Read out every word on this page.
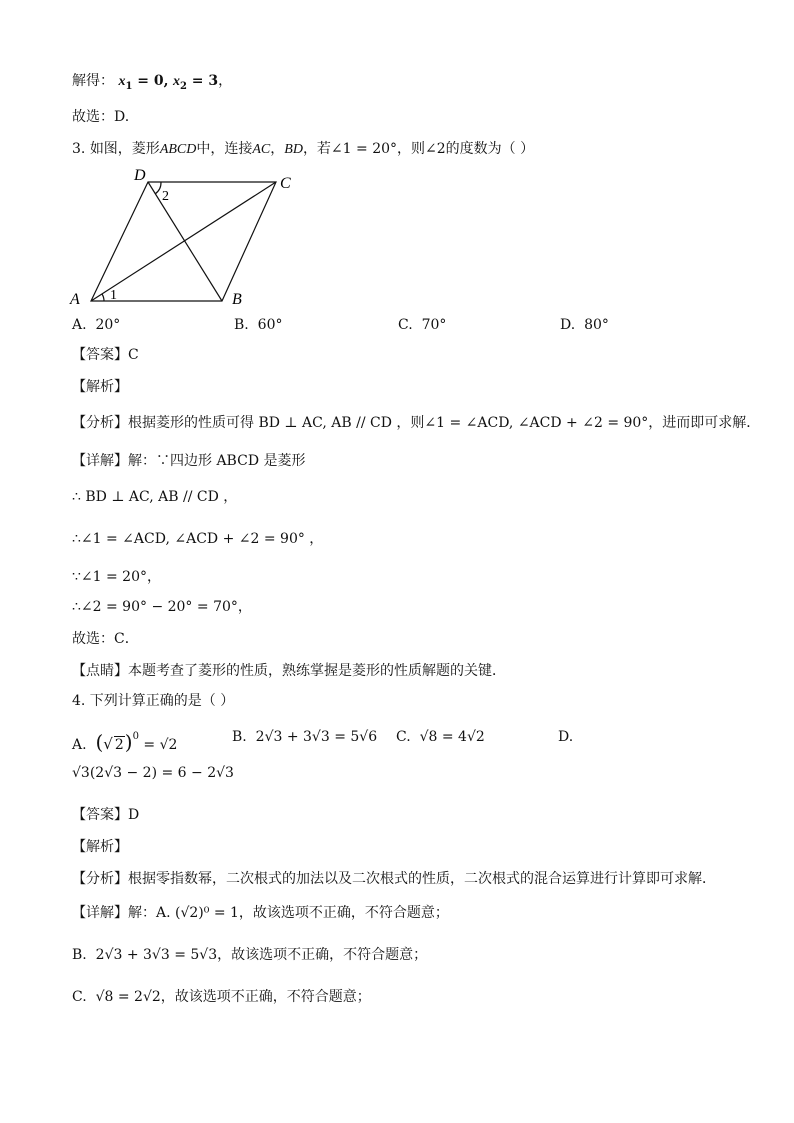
解得： $x_1 = 0$, $x_2 = 3$，
故选：D.
3. 如图，菱形ABCD中，连接AC，BD，若∠1 = 20°，则∠2的度数为（ ）
A	B
C
D
1
2
A. 20°	B. 60°	C. 70°	D. 80°
【答案】C
【解析】
【分析】根据菱形的性质可得 BD ⊥ AC, AB // CD ，则∠1 = ∠ACD, ∠ACD + ∠2 = 90°，进而即可求解．
【详解】解：∵四边形 ABCD 是菱形
∴ BD ⊥ AC, AB // CD ，
∴∠1 = ∠ACD, ∠ACD + ∠2 = 90° ，
∵∠1 = 20°，
∴∠2 = 90° − 20° = 70°，
故选：C．
【点睛】本题考查了菱形的性质，熟练掌握是菱形的性质解题的关键．
4. 下列计算正确的是（ ）
A. (√ 2)$^0$ = √2	B. 2√3 + 3√3 = 5√6 C. √8 = 4√2	D.
√3(2√3 − 2) = 6 − 2√3
【答案】D
【解析】
【分析】根据零指数幂，二次根式的加法以及二次根式的性质，二次根式的混合运算进行计算即可求解．
【详解】解：A. (√2)⁰ = 1，故该选项不正确，不符合题意；
B. 2√3 + 3√3 = 5√3，故该选项不正确，不符合题意；
C. √8 = 2√2，故该选项不正确，不符合题意；
